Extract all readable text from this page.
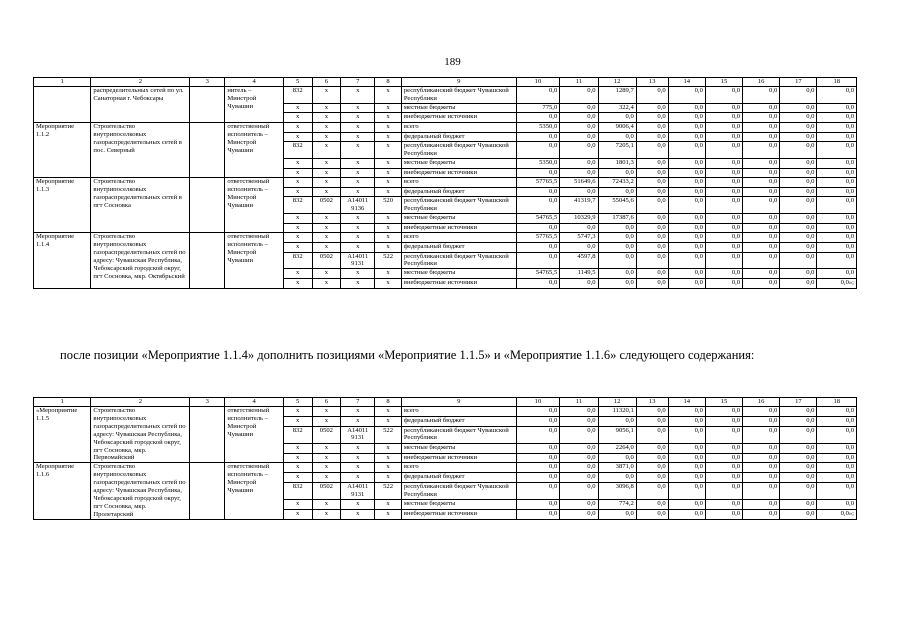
189
1	2	3	4	5	6	7	8	9	10	11	12	13	14	15	16	17	18
	распределительных сетей по ул. Санаторная г. Чебоксары		нитель – Минстрой Чувашии	832	x	x	x	республиканский бюджет Чувашской Республики	0,0	0,0	1289,7	0,0	0,0	0,0	0,0	0,0	0,0
				x	x	x	x	местные бюджеты	775,0	0,0	322,4	0,0	0,0	0,0	0,0	0,0	0,0
				x	x	x	x	внебюджетные источники	0,0	0,0	0,0	0,0	0,0	0,0	0,0	0,0	0,0
Мероприятие 1.1.2	Строительство внутрипоселковых газораспределительных сетей в пос. Северный		ответственный исполнитель – Минстрой Чувашии	x	x	x	x	всего	5350,0	0,0	9006,4	0,0	0,0	0,0	0,0	0,0	0,0
				x	x	x	x	федеральный бюджет	0,0	0,0	0,0	0,0	0,0	0,0	0,0	0,0	0,0
				832	x	x	x	республиканский бюджет Чувашской Республики	0,0	0,0	7205,1	0,0	0,0	0,0	0,0	0,0	0,0
				x	x	x	x	местные бюджеты	5350,0	0,0	1801,3	0,0	0,0	0,0	0,0	0,0	0,0
				x	x	x	x	внебюджетные источники	0,0	0,0	0,0	0,0	0,0	0,0	0,0	0,0	0,0
Мероприятие 1.1.3	Строительство внутрипоселковых газораспределительных сетей в пгт Сосновка		ответственный исполнитель – Минстрой Чувашии	x	x	x	x	всего	57765,5	51649,6	72433,2	0,0	0,0	0,0	0,0	0,0	0,0
				x	x	x	x	федеральный бюджет	0,0	0,0	0,0	0,0	0,0	0,0	0,0	0,0	0,0
				832	0502	А14011 9136	520	республиканский бюджет Чувашской Республики	0,0	41319,7	55045,6	0,0	0,0	0,0	0,0	0,0	0,0
				x	x	x	x	местные бюджеты	54765,5	10329,9	17387,6	0,0	0,0	0,0	0,0	0,0	0,0
				x	x	x	x	внебюджетные источники	0,0	0,0	0,0	0,0	0,0	0,0	0,0	0,0	0,0
Мероприятие 1.1.4	Строительство внутрипоселковых газораспределительных сетей по адресу: Чувашская Республика, Чебоксарский городской округ, пгт Сосновка, мкр. Октябрьский		ответственный исполнитель – Минстрой Чувашии	x	x	x	x	всего	57765,5	5747,3	0,0	0,0	0,0	0,0	0,0	0,0	0,0
				x	x	x	x	федеральный бюджет	0,0	0,0	0,0	0,0	0,0	0,0	0,0	0,0	0,0
				832	0502	А14011 9131	522	республиканский бюджет Чувашской Республики	0,0	4597,8	0,0	0,0	0,0	0,0	0,0	0,0	0,0
				x	x	x	x	местные бюджеты	54765,5	1149,5	0,0	0,0	0,0	0,0	0,0	0,0	0,0
				x	x	x	x	внебюджетные источники	0,0	0,0	0,0	0,0	0,0	0,0	0,0	0,0	0,0»;
после позиции «Мероприятие 1.1.4» дополнить позициями «Мероприятие 1.1.5» и «Мероприятие 1.1.6» следующего содержания:
1	2	3	4	5	6	7	8	9	10	11	12	13	14	15	16	17	18
«Мероприятие 1.1.5	Строительство внутрипоселковых газораспределительных сетей по адресу: Чувашская Республика, Чебоксарский городской округ, пгт Сосновка, мкр. Первомайский		ответственный исполнитель – Минстрой Чувашии	x	x	x	x	всего	0,0	0,0	11320,1	0,0	0,0	0,0	0,0	0,0	0,0
				x	x	x	x	федеральный бюджет	0,0	0,0	0,0	0,0	0,0	0,0	0,0	0,0	0,0
				832	0502	А14011 9131	522	республиканский бюджет Чувашской Республики	0,0	0,0	9056,1	0,0	0,0	0,0	0,0	0,0	0,0
				x	x	x	x	местные бюджеты	0,0	0,0	2264,0	0,0	0,0	0,0	0,0	0,0	0,0
				x	x	x	x	внебюджетные источники	0,0	0,0	0,0	0,0	0,0	0,0	0,0	0,0	0,0
Мероприятие 1.1.6	Строительство внутрипоселковых газораспределительных сетей по адресу: Чувашская Республика, Чебоксарский городской округ, пгт Сосновка, мкр. Пролетарский		ответственный исполнитель – Минстрой Чувашии	x	x	x	x	всего	0,0	0,0	3871,0	0,0	0,0	0,0	0,0	0,0	0,0
				x	x	x	x	федеральный бюджет	0,0	0,0	0,0	0,0	0,0	0,0	0,0	0,0	0,0
				832	0502	А14011 9131	522	республиканский бюджет Чувашской Республики	0,0	0,0	3096,8	0,0	0,0	0,0	0,0	0,0	0,0
				x	x	x	x	местные бюджеты	0,0	0,0	774,2	0,0	0,0	0,0	0,0	0,0	0,0
				x	x	x	x	внебюджетные источники	0,0	0,0	0,0	0,0	0,0	0,0	0,0	0,0	0,0»;
